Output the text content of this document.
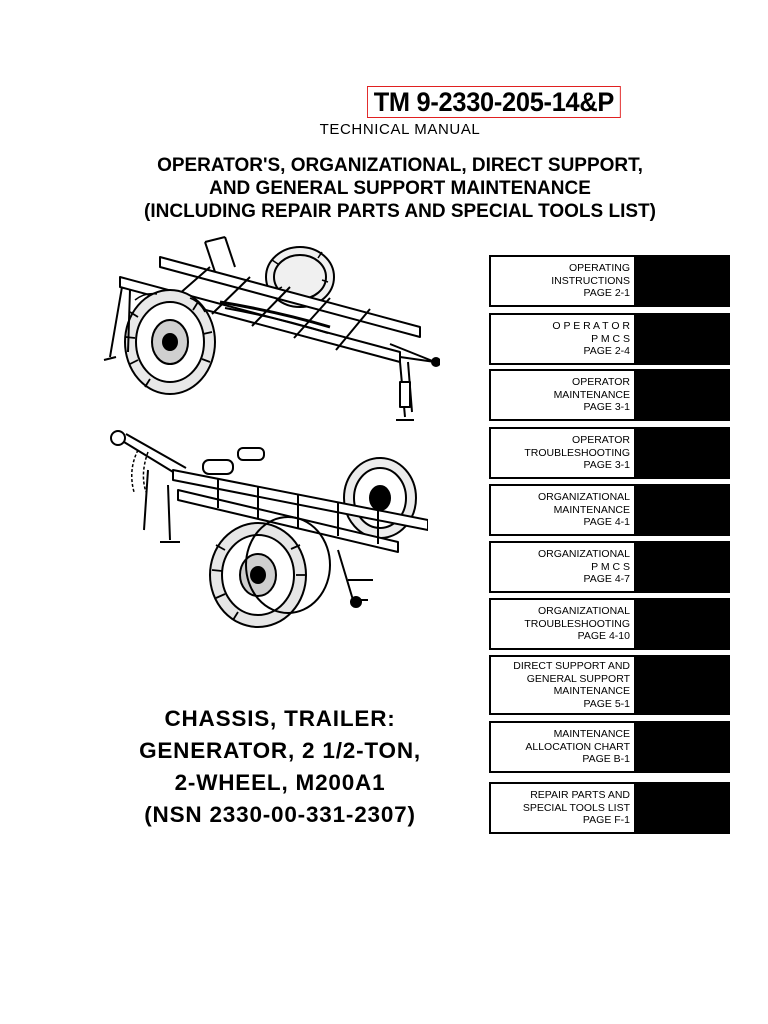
TM 9-2330-205-14&P
TECHNICAL MANUAL
OPERATOR'S, ORGANIZATIONAL, DIRECT SUPPORT,
AND GENERAL SUPPORT MAINTENANCE
(INCLUDING REPAIR PARTS AND SPECIAL TOOLS LIST)
CHASSIS, TRAILER:
GENERATOR, 2 1/2-TON,
2-WHEEL, M200A1
(NSN 2330-00-331-2307)
OPERATING
INSTRUCTIONS
PAGE 2-1
O P E R A T O R
P M C S
PAGE 2-4
OPERATOR
MAINTENANCE
PAGE 3-1
OPERATOR
TROUBLESHOOTING
PAGE 3-1
ORGANIZATIONAL
MAINTENANCE
PAGE 4-1
ORGANIZATIONAL
P M C S
PAGE 4-7
ORGANIZATIONAL
TROUBLESHOOTING
PAGE 4-10
DIRECT SUPPORT AND
GENERAL SUPPORT
MAINTENANCE
PAGE 5-1
MAINTENANCE
ALLOCATION CHART
PAGE B-1
REPAIR PARTS AND
SPECIAL TOOLS LIST
PAGE F-1
